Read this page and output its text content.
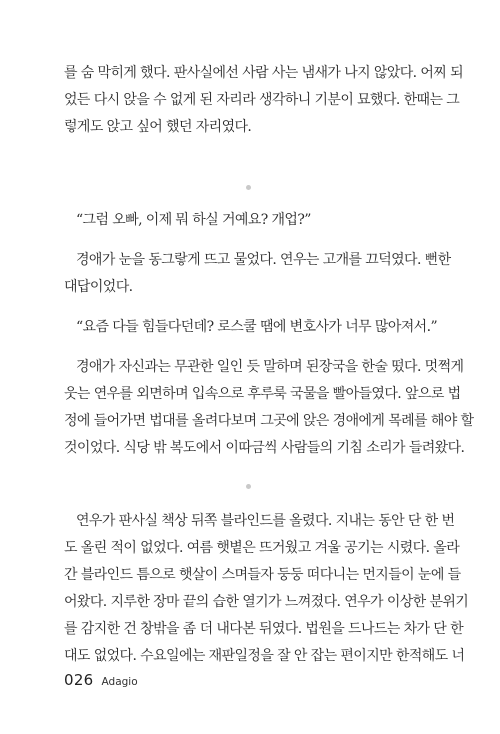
를 숨 막히게 했다. 판사실에선 사람 사는 냄새가 나지 않았다. 어찌 되
었든 다시 앉을 수 없게 된 자리라 생각하니 기분이 묘했다. 한때는 그
렇게도 앉고 싶어 했던 자리였다.
“그럼 오빠, 이제 뭐 하실 거예요? 개업?”
경애가 눈을 동그랗게 뜨고 물었다. 연우는 고개를 끄덕였다. 뻔한
대답이었다.
“요즘 다들 힘들다던데? 로스쿨 땜에 변호사가 너무 많아져서.”
경애가 자신과는 무관한 일인 듯 말하며 된장국을 한술 떴다. 멋쩍게
웃는 연우를 외면하며 입속으로 후루룩 국물을 빨아들였다. 앞으로 법
정에 들어가면 법대를 올려다보며 그곳에 앉은 경애에게 목례를 해야 할
것이었다. 식당 밖 복도에서 이따금씩 사람들의 기침 소리가 들려왔다.
연우가 판사실 책상 뒤쪽 블라인드를 올렸다. 지내는 동안 단 한 번
도 올린 적이 없었다. 여름 햇볕은 뜨거웠고 겨울 공기는 시렸다. 올라
간 블라인드 틈으로 햇살이 스며들자 둥둥 떠다니는 먼지들이 눈에 들
어왔다. 지루한 장마 끝의 습한 열기가 느껴졌다. 연우가 이상한 분위기
를 감지한 건 창밖을 좀 더 내다본 뒤였다. 법원을 드나드는 차가 단 한
대도 없었다. 수요일에는 재판일정을 잘 안 잡는 편이지만 한적해도 너
026 Adagio
